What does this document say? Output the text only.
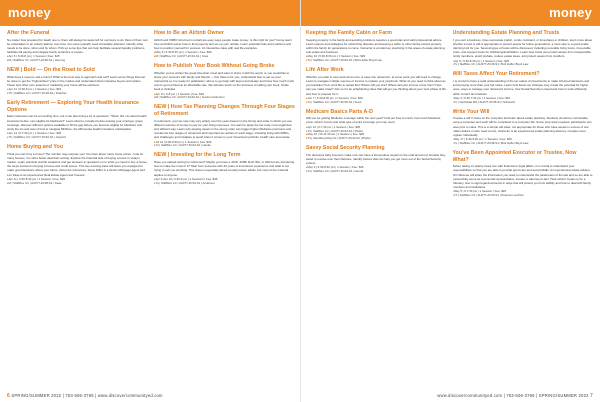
money
After the Funeral

No matter how prepared for death one is, there will always be tasks left for survivors to do. Most of them can be undertaken in an orderly fashion over time, but some typically need immediate attention. Identify what needs to be done, when and by whom. Pick up some tips that can help facilitate several liquidity problems, facilitate bill paying and mitigate family dynamics or issues.

▸ Apr 6 | 6:30-8 pm | 1 Session | Fee: $25
▸ M | StaffDev Ctr | AU077-ZC30-S1 | Horning
NEW | Bold — On the Road to Sold

What does it mean to sell a home? What is the best way to approach and sell? Learn some things that can be done to get the "highest/best" price in the market and understand what motivates buyers and sellers. These and other core aspects of marketing your home will be explored.

▸ Apr 21 | 6:30-8 pm | 1 Session | Fee: $19
▸ Th | StaffDev Ctr | AU077-ZC26-S1 | Dreblow
Early Retirement — Exploring Your Health Insurance Options

Early retirement can be an exciting time, but it can also bring a lot of questions. "When did I do about health insurance before I am eligible for Medicare?" Learn what to consider before leaving your employer group coverage, discover different options available to fill the gap before you become eligible for Medicare and study the ins and outs of how to navigate MNSure, the Minnesota health insurance marketplace.

▸ Apr 14 | 6-7:30 pm | 1 Session | Fee: $29
▸ Th | StaffDev Ctr | AU077-ZC32-S1 | Gaylord
Home Buying and You

Think you can't buy a home? The number may surprise you! You have about many home prices - look for many houses, it is still a better deal than renting. Explore the financial side of buying a home in today's market. Learn practical real life situations and get answers to questions on to what you need to buy a house, the steps involved in buying a house and credit issues. This two evening class will leave you equipped to make good decisions about your future. About the instructors: Steve Differ is a Senior Mortgage Agent and Lori Kaas is an experienced Real Estate Agent and Investor.

▸ Apr 11 | 6:30-8:30 pm | 1 Session | Fee: $29
▸ M | StaffDev Ctr | AU077-ZC28-S1 | Kaas
How to Be an Airbnb Owner

Airbnb and VRBO (short-term rental) are easy ways people make money. Is this right for you? Come learn how an Airbnb owner how to find property and set up your rentals. Learn potential risks and problems and how to position yourself for success. An interactive class with real life examples.

▸ May 9 | 6:30-8:30 pm | 1 Session | Fee: $29
▸ M | StaffDev Ctr | AU077-ZC31-S1 | Koss
How to Publish Your Book Without Going Broke

Whether you've written the great American novel and want to share it with the world, or you would like to share your memoirs with family and friends — this class is for you. Understand how to set up your manuscript so it is ready for publication; where to get help with layout and design and know how much it will cost to get it printed at an affordable rate. We will also touch on the business of selling your book. Guide book is included.

▸ Apr 11 | 6-8 pm | 1 Session | Fee: $29
▸ M | StaffDev Ctr | AU077-ZC42-S1 | Gordon Anderson
NEW | How Tax Planning Changes Through Four Stages of Retirement

In retirement, your tax rate may vary widely over the years based on the timing and order in which you use different sources of money to pay for your living expenses. You want to apply the tax code most organized and efficient way. Learn why tapping assets in the wrong order can trigger higher Medicare premiums and reveals the four stages of retirement and important tax actions in each stage, including living with RMDs, and challenges and mistakes to avoid when it comes to your investment portfolio, health care and estate.

▸ Jul 12 | 6:30-8:30 pm | 1 Session | Fee: $29
▸ Tu | StaffDev Ctr | AU077-ZC34-S1 | Hecke
NEW | Investing for the Long Term

Have you started saving for retirement? Maybe you have a 401K, 403B, Roth IRA, or IRA but are wondering how to make the most of it? Hear from someone with 40 years of investment experience and what is not trying to sell you anything. This class is especially aimed at early-career adults, but most of the material applies to anyone.

▸ Apr 6-Apr 19 | 6:30-8 pm | 2 Sessions | Fee: $35
▸ Tu | StaffDev Ctr | AU077-ZC33-S1 | Anderson
6 SPRING/SUMMER 2022 | 763-506-3766 | www.discovercommunityed.com
money
Keeping the Family Cabin or Farm

Keeping property in the family and avoiding problems requires a good plan and solid professional advice. Learn options and strategies for minimizing disputes and keeping a cabin or other family-owned property within the family for generations to come. Instructor is an attorney practicing in the areas of estate planning, real estate and business.

▸ May 10 | 6:30-8:30 pm | 1 Session | Fee: $29
▸ Tu | StaffDev Ctr | AU077-ZC40-S1 | Bolt Hoffer Boyd Law
Life After Work

Whether you plan to stop work all at once or ease into retirement, at some point you will need to change. Learn to navigate multiple sources of income to replace your paycheck. What do you need to think about as you transition from work life to retired life? Where will you live? Where will your income come from? How can you make it last? Join us for an enlightening class that will get you thinking about your next phase of life and how to prepare for it.

▸ Jun 7 | 6:30-8:30 pm | 1 Session | Fee: $29
▸ Tu | StaffDev Ctr | AU077-ZC45-S1 | Doss
Medicare Basics Parts A-D

Will you be getting Medicare coverage within the next year? Find out how to enroll, how much Medicare costs, what it covers and what type of extra coverage you may need.

▸ Apr 12 | 6-7:30 pm | 1 Session | Fee: $25
▸ Tu | StaffDev Ctr | AU077-ZC34-S1 | Pfeifer
▸ May 10 | 10-11:30 am | 1 Session | Fee: $25
▸ Tu | Sandburg Rdg Ctr | AU077-ZC34-S2 | Pfeifer
Savvy Social Security Planning

The decisions baby boomers make now can have a tremendous impact on the total amount of benefits they stand to receive over their lifetimes. Identify factors that can help you get more out of the Social Security system.

▸ May 3 | 6:30-8:30 pm | 1 Session | Fee: $25
▸ Tu | StaffDev Ctr | AU077-ZC43-S1 | Herold
Understanding Estate Planning and Trusts

If you own a business, have real estate (cabin, condo, farmland, or timeshare) or children, learn more about whether a trust or will is appropriate to protect assets for future generations, a must step to a good estate planning tool for you. Several types of trusts will be discussed, including revocable living trusts, irrevocable trusts, and support trusts for children/grandchildren. Learn how trusts can protect assets from irresponsible family members, avoid probate, reduce estate taxes, and protect assets from creditors.

▸ Apr 5 | 6:30-8:30 pm | 1 Session | Fee: $29
▸ Tu | StaffDev Ctr | AU077-ZC39-S1 | Bolt Hoffer Boyd Law
Will Taxes Affect Your Retirement?

It is crucial to have a solid understanding of the tax status of investments to make informed decisions and avoid paying more than your fair share. Learn how future tax changes may create the potential for higher taxes, ways to manage your retirement income, how Social Security is taxed and how to work efficiently within current tax brackets.

▸ May 3 | 6:30-7:30 pm | 1 Session | Fee: $19
▸ Tu | Northdale MS | AU077-ZC35-S1 | Schwartz
Write Your Will

Prepare a will in class on the computer and learn about estate planning. Students should be comfortable using a computer and each will be completed in a computer lab. Some prep work required; participants can save prior to class. This is a simple will class, not appropriate for those who have assets in excess of one million dollars or who need a trust. Instructor is an experienced estate planning attorney. Couples must register individually.

▸ May 17 | 6:30-9:30 pm | 1 Session | Fee: $49
▸ Tu | StaffDev Ctr | AU077-ZC38-S1 | Bolt Hoffer Boyd Law
You've Been Appointed Executor or Trustee, Now What?

Before taking on elderly loved one with financial or legal affairs, it is crucial to understand your responsibilities so that you are able to provide good care and avoid pitfalls. An experienced estate advisor, Ann Wescoe will share the information you need to understand the parameters of the law and so are able to successfully serve as a personal representative, trustee or attorney-in-fact. Hear what it means to be a fiduciary, how to sign legal documents in ways that will protect you from liability and how to deal with family members and institutions.

▸ May 5 | 6-7:30 pm | 1 Session | Fee: $29
▸ Th | StaffDev Ctr | AU077-ZC33-S1 | Peterson-Luchsin
www.discovercommunityed.com | 763-506-3766 | SPRING/SUMMER 2022 7
